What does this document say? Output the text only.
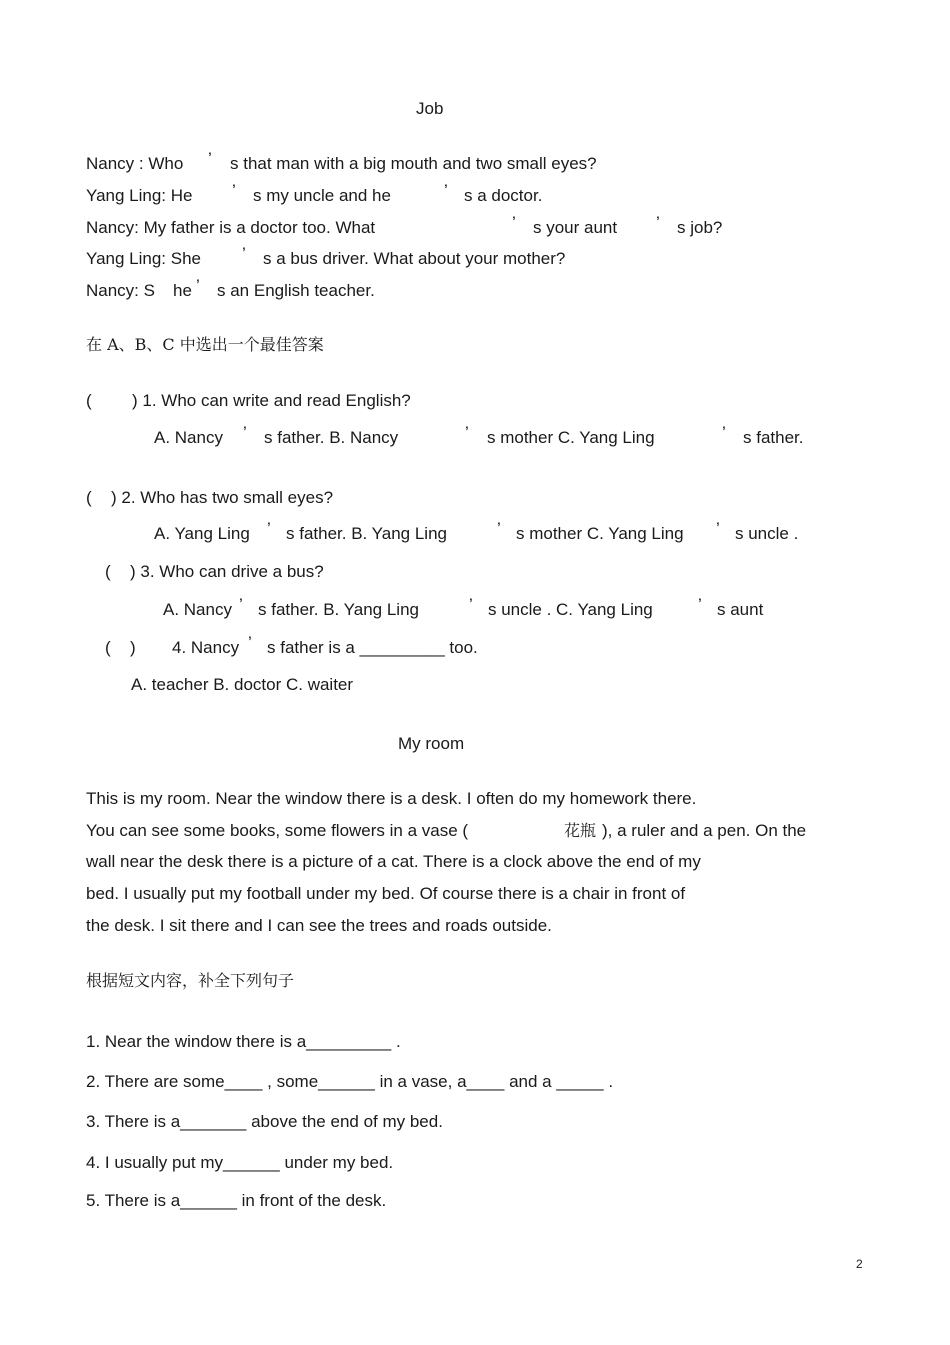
Job
Nancy : Who ’ s that man with a big mouth and two small eyes?
Yang Ling: He ’ s my uncle and he	’ s a doctor.
Nancy: My father is a doctor too. What	’ s your aunt ’ s job?
Yang Ling: She ’ s a bus driver. What about your mother?
Nancy: S he ’ s an English teacher.
在 A、B、C 中选出一个最佳答案
( ) 1. Who can write and read English?
A. Nancy ’ s father. B. Nancy	’ s mother C. Yang Ling	’ s father.
( ) 2. Who has two small eyes?
A. Yang Ling ’ s father. B. Yang Ling	’ s mother C. Yang Ling ’ s uncle .
( ) 3. Who can drive a bus?
A. Nancy ’ s father. B. Yang Ling	’ s uncle . C. Yang Ling	’ s aunt
( ) 4. Nancy ’ s father is a _________ too.
A. teacher B. doctor C. waiter
My room
This is my room. Near the window there is a desk. I often do my homework there.
You can see some books, some flowers in a vase (	花瓶 ), a ruler and a pen. On the
wall near the desk there is a picture of a cat. There is a clock above the end of my
bed. I usually put my football under my bed. Of course there is a chair in front of
the desk. I sit there and I can see the trees and roads outside.
根据短文内容，补全下列句子
1. Near the window there is a_________ .
2. There are some____ , some______ in a vase, a____ and a _____ .
3. There is a_______ above the end of my bed.
4. I usually put my______ under my bed.
5. There is a______ in front of the desk.
2
